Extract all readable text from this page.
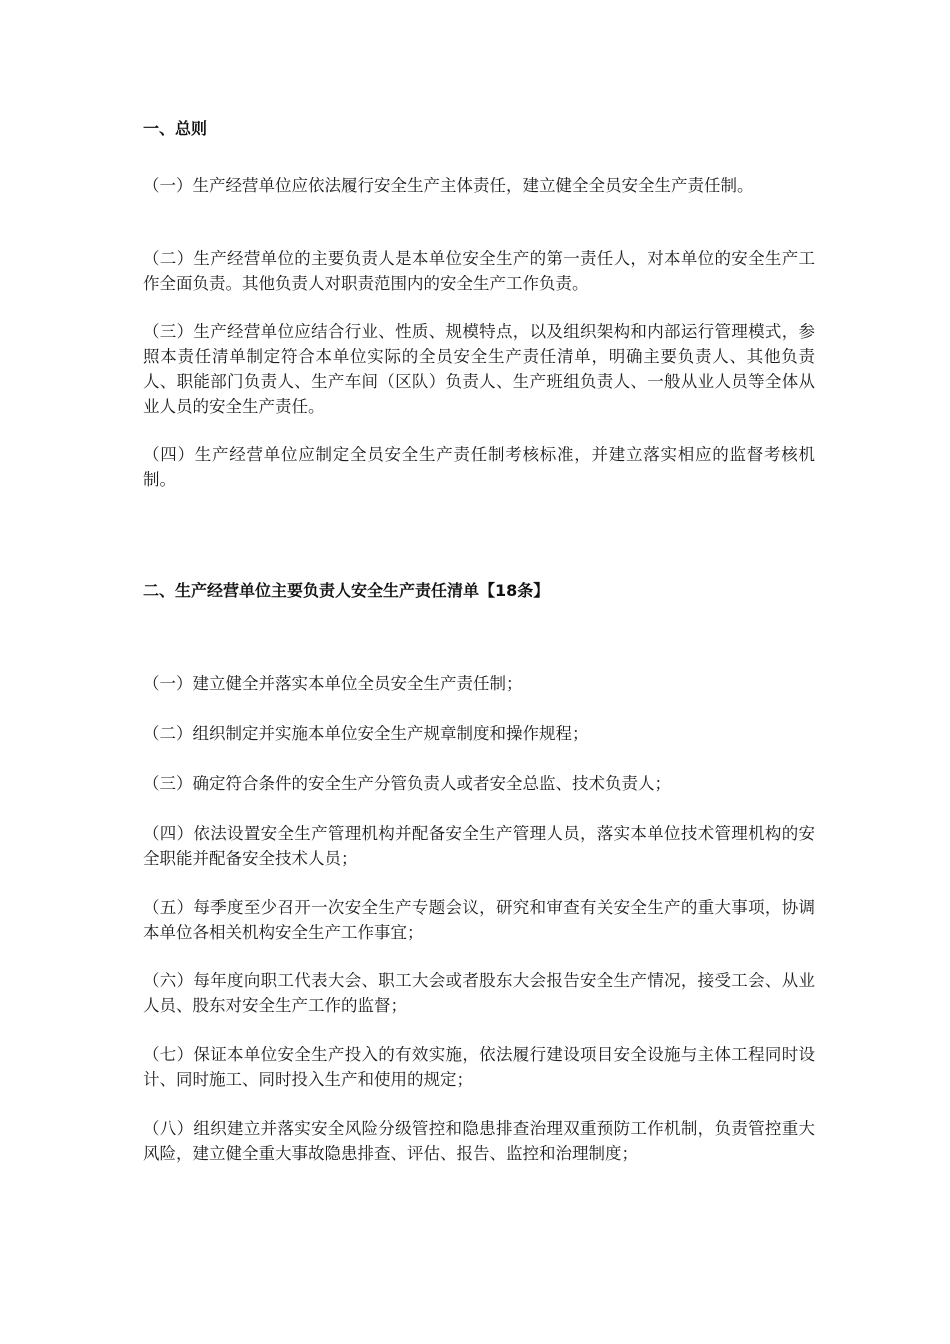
一、总则

（一）生产经营单位应依法履行安全生产主体责任，建立健全全员安全生产责任制。

（二）生产经营单位的主要负责人是本单位安全生产的第一责任人，对本单位的安全生产工作全面负责。其他负责人对职责范围内的安全生产工作负责。

（三）生产经营单位应结合行业、性质、规模特点，以及组织架构和内部运行管理模式，参照本责任清单制定符合本单位实际的全员安全生产责任清单，明确主要负责人、其他负责人、职能部门负责人、生产车间（区队）负责人、生产班组负责人、一般从业人员等全体从业人员的安全生产责任。

（四）生产经营单位应制定全员安全生产责任制考核标准，并建立落实相应的监督考核机制。

二、生产经营单位主要负责人安全生产责任清单【18条】

（一）建立健全并落实本单位全员安全生产责任制；

（二）组织制定并实施本单位安全生产规章制度和操作规程；

（三）确定符合条件的安全生产分管负责人或者安全总监、技术负责人；

（四）依法设置安全生产管理机构并配备安全生产管理人员，落实本单位技术管理机构的安全职能并配备安全技术人员；

（五）每季度至少召开一次安全生产专题会议，研究和审查有关安全生产的重大事项，协调本单位各相关机构安全生产工作事宜；

（六）每年度向职工代表大会、职工大会或者股东大会报告安全生产情况，接受工会、从业人员、股东对安全生产工作的监督；

（七）保证本单位安全生产投入的有效实施，依法履行建设项目安全设施与主体工程同时设计、同时施工、同时投入生产和使用的规定；

（八）组织建立并落实安全风险分级管控和隐患排查治理双重预防工作机制，负责管控重大风险，建立健全重大事故隐患排查、评估、报告、监控和治理制度；
